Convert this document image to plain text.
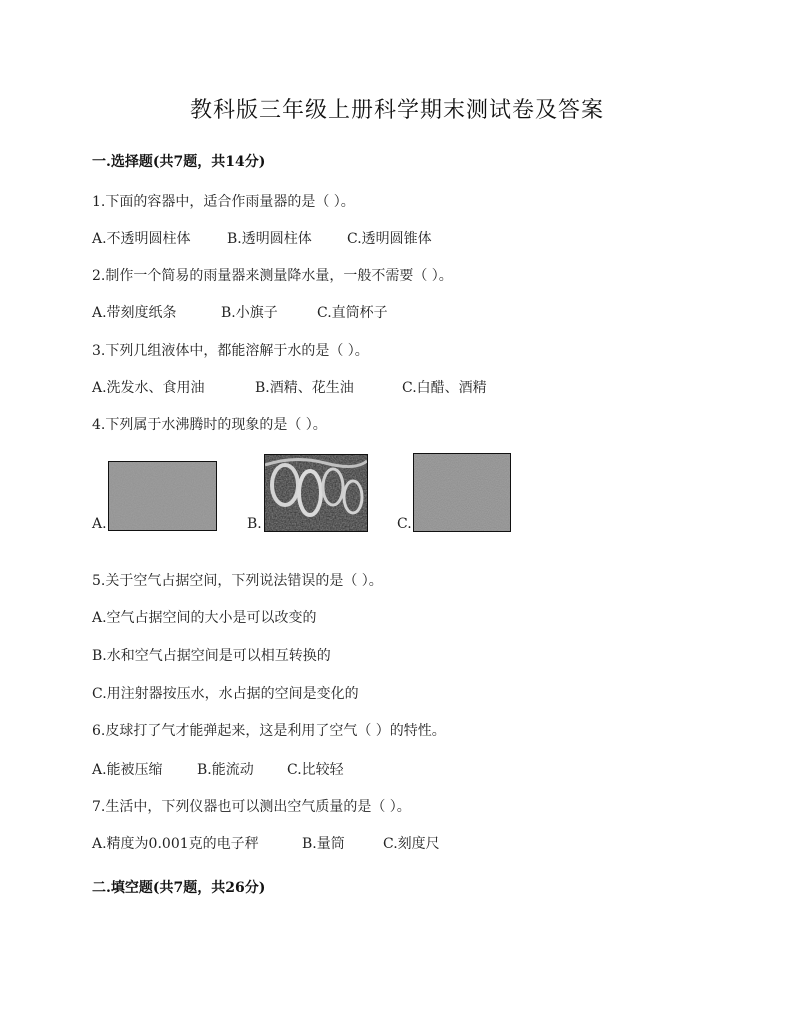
教科版三年级上册科学期末测试卷及答案
一.选择题(共7题，共14分)
1.下面的容器中，适合作雨量器的是（ ）。
A.不透明圆柱体	B.透明圆柱体	C.透明圆锥体
2.制作一个简易的雨量器来测量降水量，一般不需要（ ）。
A.带刻度纸条	B.小旗子	C.直筒杯子
3.下列几组液体中，都能溶解于水的是（ ）。
A.洗发水、食用油	B.酒精、花生油	C.白醋、酒精
4.下列属于水沸腾时的现象的是（ ）。
A.	B.	C.
5.关于空气占据空间，下列说法错误的是（ ）。
A.空气占据空间的大小是可以改变的
B.水和空气占据空间是可以相互转换的
C.用注射器按压水，水占据的空间是变化的
6.皮球打了气才能弹起来，这是利用了空气（ ）的特性。
A.能被压缩 B.能流动 C.比较轻
7.生活中，下列仪器也可以测出空气质量的是（ ）。
A.精度为0.001克的电子秤	B.量筒	C.刻度尺
二.填空题(共7题，共26分)
